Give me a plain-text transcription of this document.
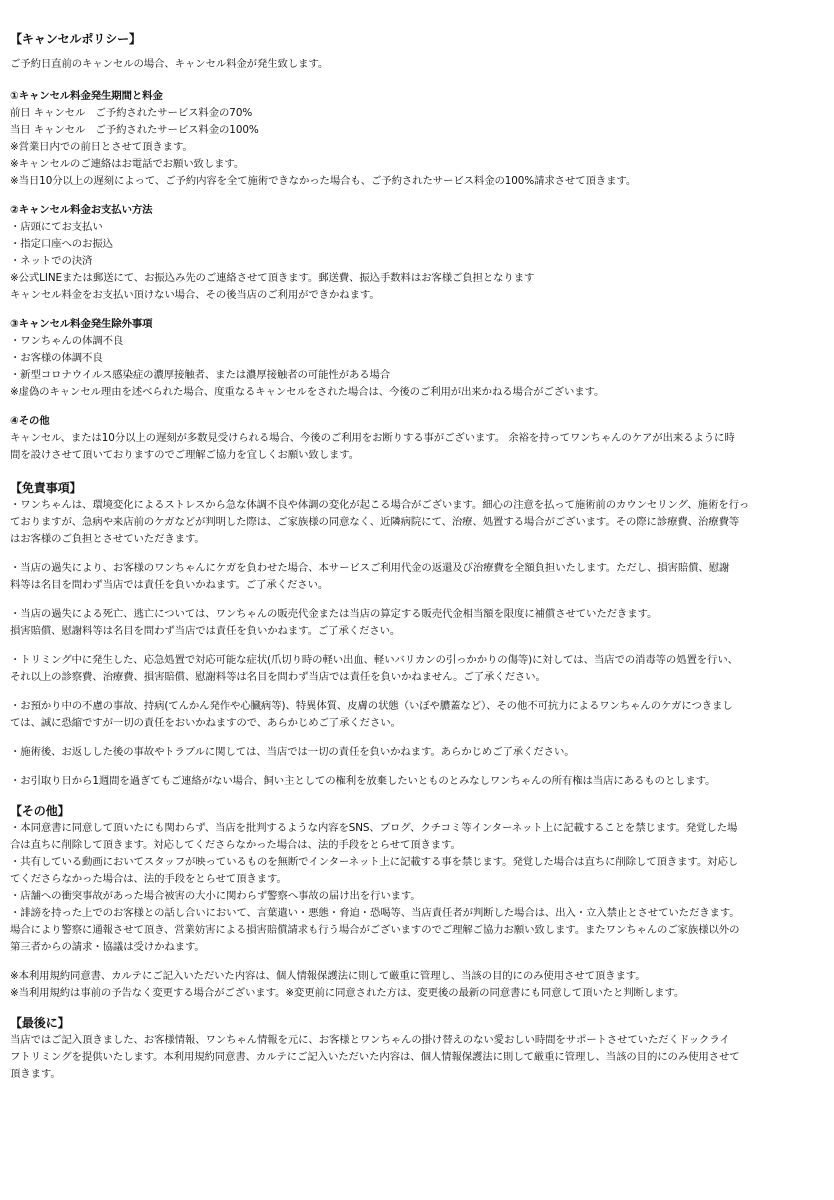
【キャンセルポリシー】
ご予約日直前のキャンセルの場合、キャンセル料金が発生致します。
①キャンセル料金発生期間と料金
前日 キャンセル　ご予約されたサービス料金の70%
当日 キャンセル　ご予約されたサービス料金の100%
※営業日内での前日とさせて頂きます。
※キャンセルのご連絡はお電話でお願い致します。
※当日10分以上の遅刻によって、ご予約内容を全て施術できなかった場合も、ご予約されたサービス料金の100%請求させて頂きます。
②キャンセル料金お支払い方法
・店頭にてお支払い
・指定口座へのお振込
・ネットでの決済
※公式LINEまたは郵送にて、お振込み先のご連絡させて頂きます。郵送費、振込手数料はお客様ご負担となります
キャンセル料金をお支払い頂けない場合、その後当店のご利用ができかねます。
③キャンセル料金発生除外事項
・ワンちゃんの体調不良
・お客様の体調不良
・新型コロナウイルス感染症の濃厚接触者、または濃厚接触者の可能性がある場合
※虚偽のキャンセル理由を述べられた場合、度重なるキャンセルをされた場合は、今後のご利用が出来かねる場合がございます。
④その他
キャンセル、または10分以上の遅刻が多数見受けられる場合、今後のご利用をお断りする事がございます。 余裕を持ってワンちゃんのケアが出来るように時
間を設けさせて頂いておりますのでご理解ご協力を宜しくお願い致します。
【免責事項】
・ワンちゃんは、環境変化によるストレスから急な体調不良や体調の変化が起こる場合がございます。細心の注意を払って施術前のカウンセリング、施術を行っ
ておりますが、急病や来店前のケガなどが判明した際は、ご家族様の同意なく、近隣病院にて、治療、処置する場合がございます。その際に診療費、治療費等
はお客様のご負担とさせていただきます。
・当店の過失により、お客様のワンちゃんにケガを負わせた場合、本サービスご利用代金の返還及び治療費を全額負担いたします。ただし、損害賠償、慰謝
料等は名目を問わず当店では責任を負いかねます。ご了承ください。
・当店の過失による死亡、逃亡については、ワンちゃんの販売代金または当店の算定する販売代金相当額を限度に補償させていただきます。
損害賠償、慰謝料等は名目を問わず当店では責任を負いかねます。ご了承ください。
・トリミング中に発生した、応急処置で対応可能な症状(爪切り時の軽い出血、軽いバリカンの引っかかりの傷等)に対しては、当店での消毒等の処置を行い、
それ以上の診察費、治療費、損害賠償、慰謝料等は名目を問わず当店では責任を負いかねません。ご了承ください。
・お預かり中の不慮の事故、持病(てんかん発作や心臓病等)、特異体質、皮膚の状態（いぼや膿蓋など）、その他不可抗力によるワンちゃんのケガにつきまし
ては、誠に恐縮ですが一切の責任をおいかねますので、あらかじめご了承ください。
・施術後、お返しした後の事故やトラブルに関しては、当店では一切の責任を負いかねます。あらかじめご了承ください。
・お引取り日から1週間を過ぎてもご連絡がない場合、飼い主としての権利を放棄したいとものとみなしワンちゃんの所有権は当店にあるものとします。
【その他】
・本同意書に同意して頂いたにも関わらず、当店を批判するような内容をSNS、ブログ、クチコミ等インターネット上に記載することを禁じます。発覚した場
合は直ちに削除して頂きます。対応してくださらなかった場合は、法的手段をとらせて頂きます。
・共有している動画においてスタッフが映っているものを無断でインターネット上に記載する事を禁じます。発覚した場合は直ちに削除して頂きます。対応し
てくださらなかった場合は、法的手段をとらせて頂きます。
・店舗への衝突事故があった場合被害の大小に関わらず警察へ事故の届け出を行います。
・誹謗を持った上でのお客様との話し合いにおいて、言葉遣い・悪態・脅迫・恐喝等、当店責任者が判断した場合は、出入・立入禁止とさせていただきます。
場合により警察に通報させて頂き、営業妨害による損害賠償請求も行う場合がございますのでご理解ご協力お願い致します。またワンちゃんのご家族様以外の
第三者からの請求・協議は受けかねます。
※本利用規約同意書、カルテにご記入いただいた内容は、個人情報保護法に則して厳重に管理し、当該の目的にのみ使用させて頂きます。
※当利用規約は事前の予告なく変更する場合がございます。※変更前に同意された方は、変更後の最新の同意書にも同意して頂いたと判断します。
【最後に】
当店ではご記入頂きました、お客様情報、ワンちゃん情報を元に、お客様とワンちゃんの掛け替えのない愛おしい時間をサポートさせていただくドックライ
フトリミングを提供いたします。本利用規約同意書、カルテにご記入いただいた内容は、個人情報保護法に則して厳重に管理し、当該の目的にのみ使用させて
頂きます。
